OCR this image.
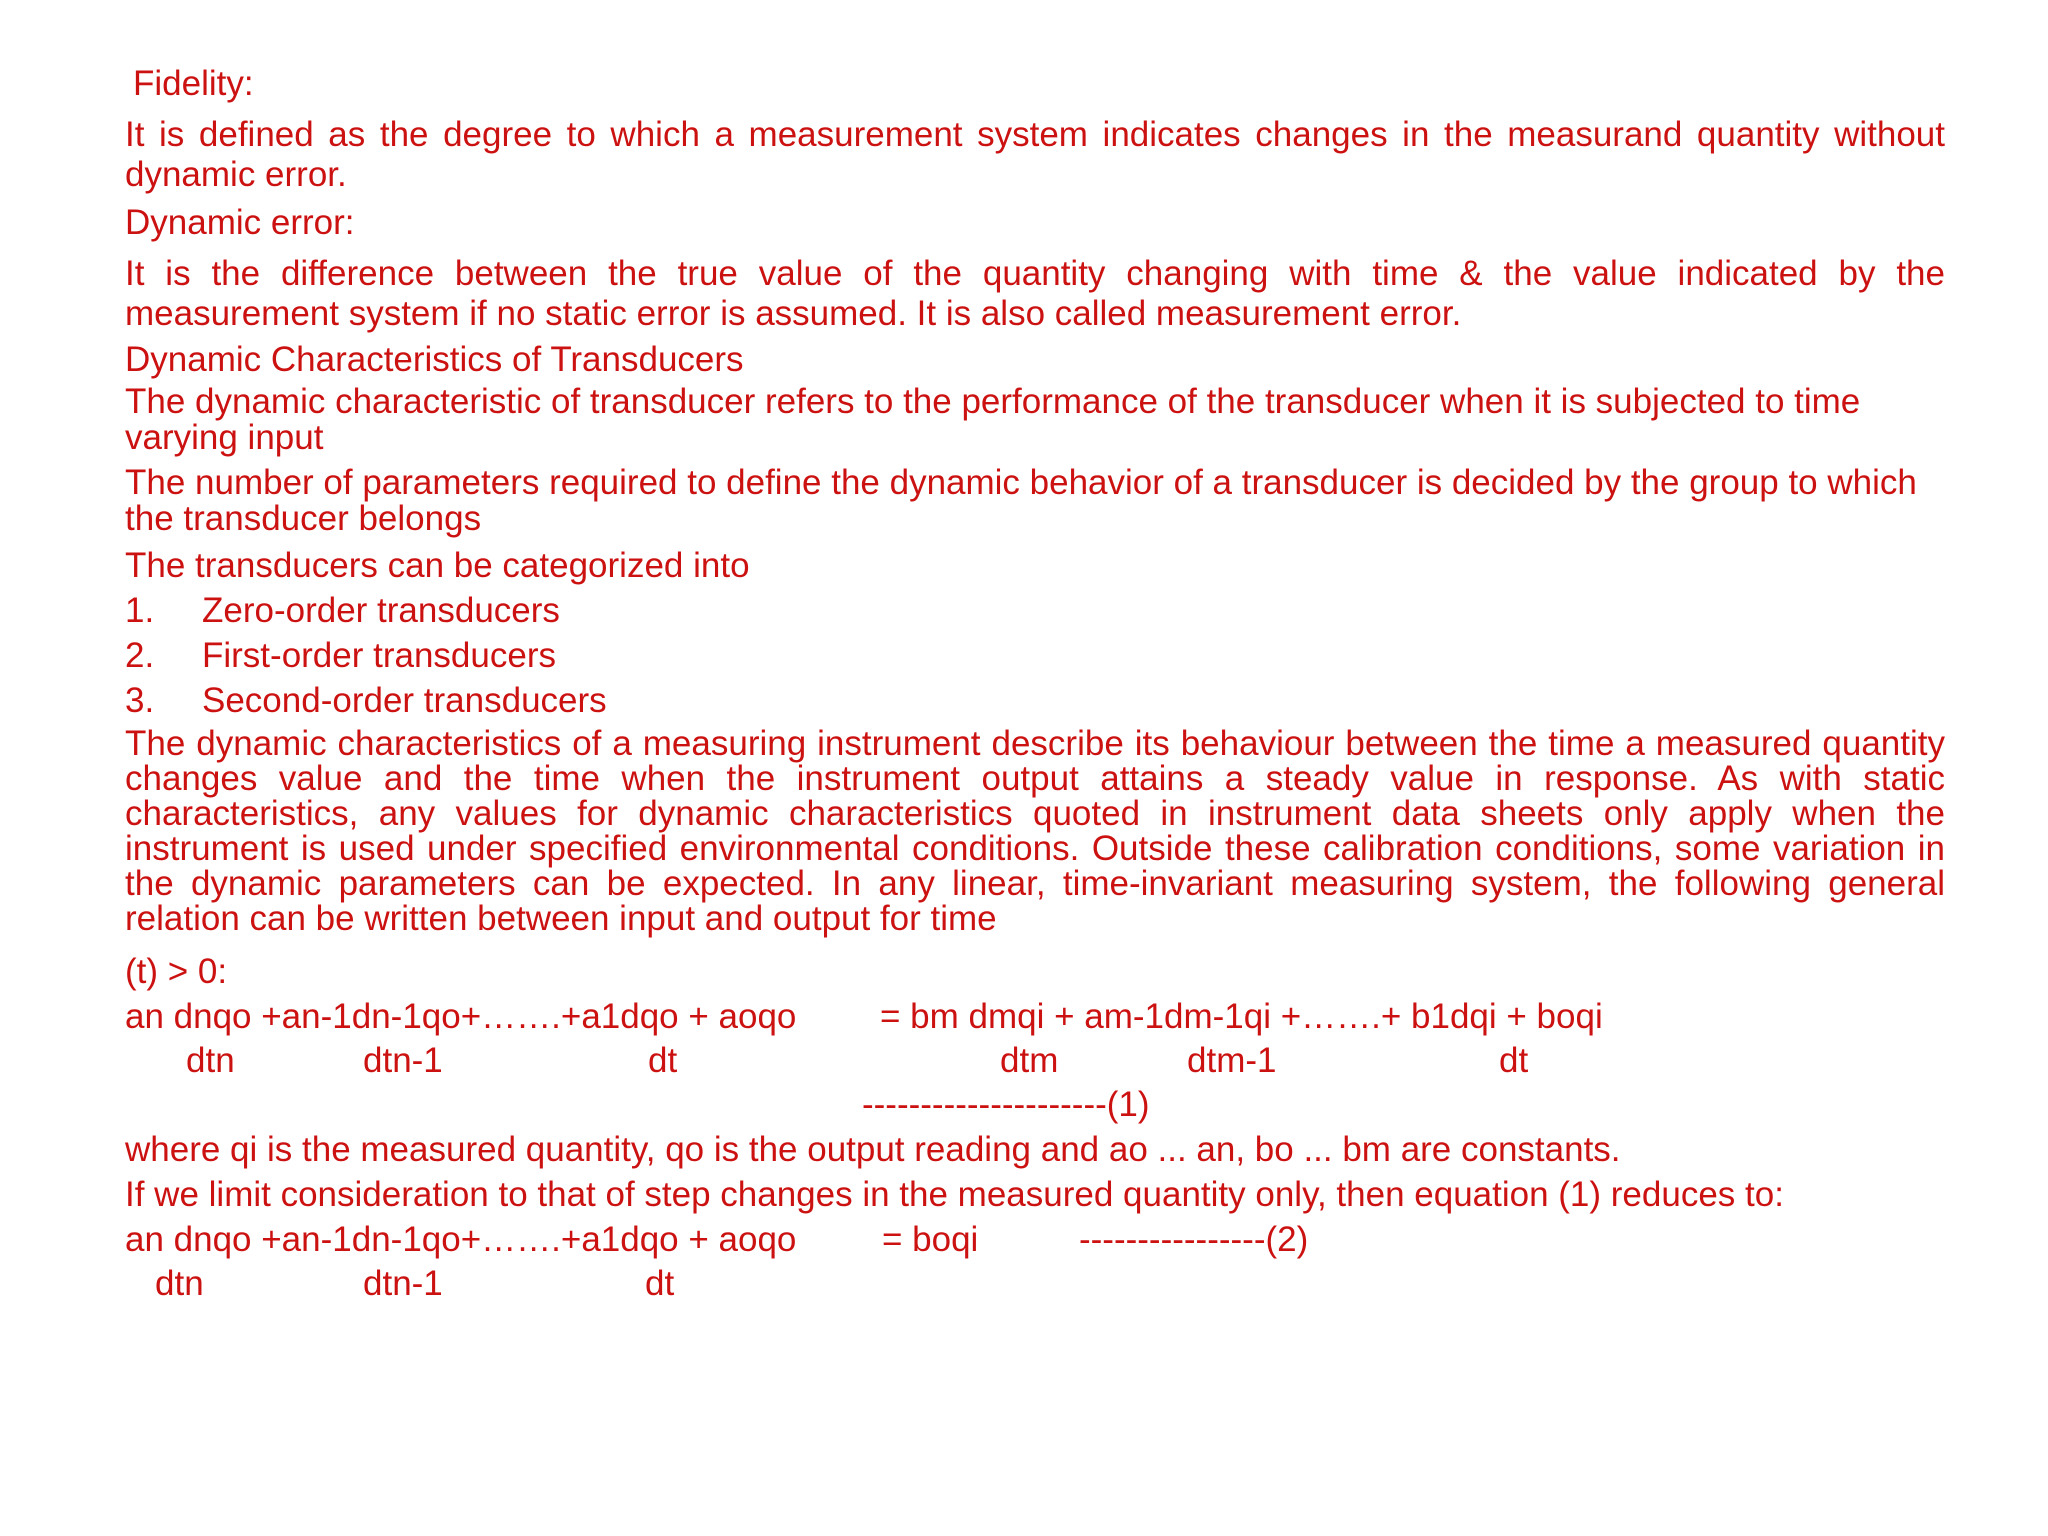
Fidelity:

It is defined as the degree to which a measurement system indicates changes in the measurand quantity without dynamic error.

Dynamic error:

It is the difference between the true value of the quantity changing with time & the value indicated by the measurement system if no static error is assumed. It is also called measurement error.

Dynamic Characteristics of Transducers

The dynamic characteristic of transducer refers to the performance of the transducer when it is subjected to time varying input

The number of parameters required to define the dynamic behavior of a transducer is decided by the group to which the transducer belongs

The transducers can be categorized into

1. Zero-order transducers
2. First-order transducers
3. Second-order transducers

The dynamic characteristics of a measuring instrument describe its behaviour between the time a measured quantity changes value and the time when the instrument output attains a steady value in response. As with static characteristics, any values for dynamic characteristics quoted in instrument data sheets only apply when the instrument is used under specified environmental conditions. Outside these calibration conditions, some variation in the dynamic parameters can be expected. In any linear, time-invariant measuring system, the following general relation can be written between input and output for time

(t) > 0:

an dnqo +an-1dn-1qo+…….+a1dqo + aoqo = bm dmqi + am-1dm-1qi +…….+ b1dqi + boqi
dtn	dtn-1	dt	dtm	dtm-1	dt
---------------------(1)

where qi is the measured quantity, qo is the output reading and ao ... an, bo ... bm are constants.

If we limit consideration to that of step changes in the measured quantity only, then equation (1) reduces to:

an dnqo +an-1dn-1qo+…….+a1dqo + aoqo = boqi	----------------(2)
dtn	dtn-1	dt
